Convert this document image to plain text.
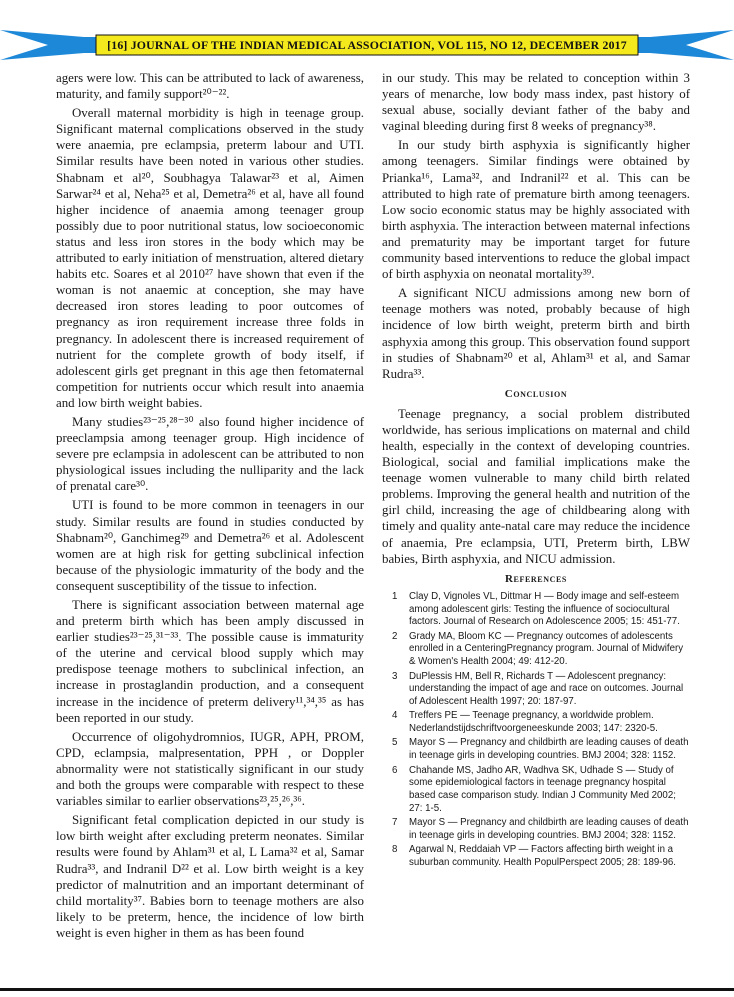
[16] JOURNAL OF THE INDIAN MEDICAL ASSOCIATION, VOL 115, NO 12, DECEMBER 2017

agers were low. This can be attributed to lack of awareness, maturity, and family support²⁰⁻²².

Overall maternal morbidity is high in teenage group. Significant maternal complications observed in the study were anaemia, pre eclampsia, preterm labour and UTI. Similar results have been noted in various other studies. Shabnam et al²⁰, Soubhagya Talawar²³ et al, Aimen Sarwar²⁴ et al, Neha²⁵ et al, Demetra²⁶ et al, have all found higher incidence of anaemia among teenager group possibly due to poor nutritional status, low socioeconomic status and less iron stores in the body which may be attributed to early initiation of menstruation, altered dietary habits etc. Soares et al 2010²⁷ have shown that even if the woman is not anaemic at conception, she may have decreased iron stores leading to poor outcomes of pregnancy as iron requirement increase three folds in pregnancy. In adolescent there is increased requirement of nutrient for the complete growth of body itself, if adolescent girls get pregnant in this age then fetomaternal competition for nutrients occur which result into anaemia and low birth weight babies.

Many studies²³⁻²⁵,²⁸⁻³⁰ also found higher incidence of preeclampsia among teenager group. High incidence of severe pre eclampsia in adolescent can be attributed to non physiological issues including the nulliparity and the lack of prenatal care³⁰.

UTI is found to be more common in teenagers in our study. Similar results are found in studies conducted by Shabnam²⁰, Ganchimeg²⁹ and Demetra²⁶ et al. Adolescent women are at high risk for getting subclinical infection because of the physiologic immaturity of the body and the consequent susceptibility of the tissue to infection.

There is significant association between maternal age and preterm birth which has been amply discussed in earlier studies²³⁻²⁵,³¹⁻³³. The possible cause is immaturity of the uterine and cervical blood supply which may predispose teenage mothers to subclinical infection, an increase in prostaglandin production, and a consequent increase in the incidence of preterm delivery¹¹,³⁴,³⁵ as has been reported in our study.

Occurrence of oligohydromnios, IUGR, APH, PROM, CPD, eclampsia, malpresentation, PPH , or Doppler abnormality were not statistically significant in our study and both the groups were comparable with respect to these variables similar to earlier observations²³,²⁵,²⁶,³⁶.

Significant fetal complication depicted in our study is low birth weight after excluding preterm neonates. Similar results were found by Ahlam³¹ et al, L Lama³² et al, Samar Rudra³³, and Indranil D²² et al. Low birth weight is a key predictor of malnutrition and an important determinant of child mortality³⁷. Babies born to teenage mothers are also likely to be preterm, hence, the incidence of low birth weight is even higher in them as has been found

in our study. This may be related to conception within 3 years of menarche, low body mass index, past history of sexual abuse, socially deviant father of the baby and vaginal bleeding during first 8 weeks of pregnancy³⁸.

In our study birth asphyxia is significantly higher among teenagers. Similar findings were obtained by Prianka¹⁶, Lama³², and Indranil²² et al. This can be attributed to high rate of premature birth among teenagers. Low socio economic status may be highly associated with birth asphyxia. The interaction between maternal infections and prematurity may be important target for future community based interventions to reduce the global impact of birth asphyxia on neonatal mortality³⁹.

A significant NICU admissions among new born of teenage mothers was noted, probably because of high incidence of low birth weight, preterm birth and birth asphyxia among this group. This observation found support in studies of Shabnam²⁰ et al, Ahlam³¹ et al, and Samar Rudra³³.

Conclusion

Teenage pregnancy, a social problem distributed worldwide, has serious implications on maternal and child health, especially in the context of developing countries. Biological, social and familial implications make the teenage women vulnerable to many child birth related problems. Improving the general health and nutrition of the girl child, increasing the age of childbearing along with timely and quality ante-natal care may reduce the incidence of anaemia, Pre eclampsia, UTI, Preterm birth, LBW babies, Birth asphyxia, and NICU admission.

References
1 Clay D, Vignoles VL, Dittmar H — Body image and self-esteem among adolescent girls: Testing the influence of sociocultural factors. Journal of Research on Adolescence 2005; 15: 451-77.
2 Grady MA, Bloom KC — Pregnancy outcomes of adolescents enrolled in a CenteringPregnancy program. Journal of Midwifery & Women's Health 2004; 49: 412-20.
3 DuPlessis HM, Bell R, Richards T — Adolescent pregnancy: understanding the impact of age and race on outcomes. Journal of Adolescent Health 1997; 20: 187-97.
4 Treffers PE — Teenage pregnancy, a worldwide problem. Nederlandstijdschriftvoorgeneeskunde 2003; 147: 2320-5.
5 Mayor S — Pregnancy and childbirth are leading causes of death in teenage girls in developing countries. BMJ 2004; 328: 1152.
6 Chahande MS, Jadho AR, Wadhva SK, Udhade S — Study of some epidemiological factors in teenage pregnancy hospital based case comparison study. Indian J Community Med 2002; 27: 1-5.
7 Mayor S — Pregnancy and childbirth are leading causes of death in teenage girls in developing countries. BMJ 2004; 328: 1152.
8 Agarwal N, Reddaiah VP — Factors affecting birth weight in a suburban community. Health PopulPerspect 2005; 28: 189-96.
